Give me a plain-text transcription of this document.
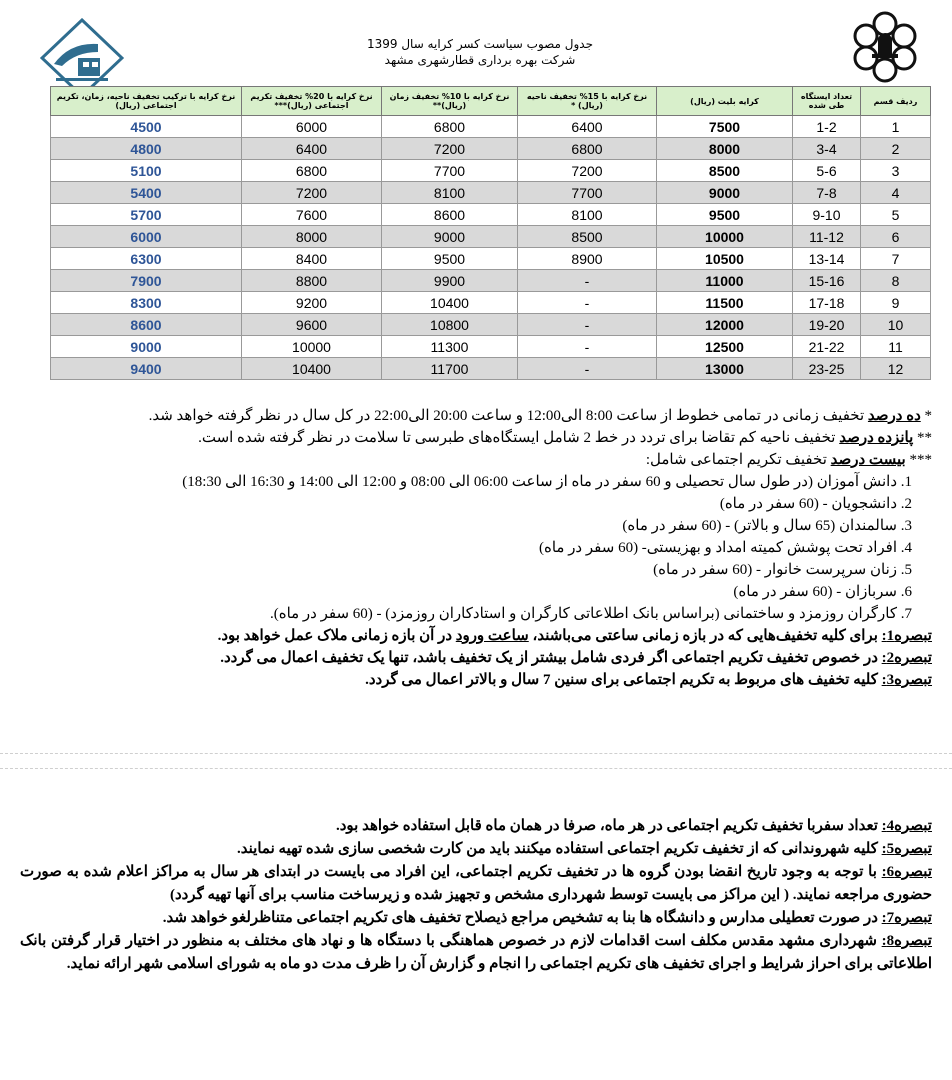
جدول مصوب سیاست کسر کرایه سال 1399
شرکت بهره برداری قطارشهری مشهد
ردیف قسم	تعداد ایستگاه طی شده	کرایه بلیت (ریال)	نرخ کرایه با 15% تخفیف ناحیه (ریال) *	نرخ کرایه با 10% تخفیف زمان (ریال)**	نرخ کرایه با 20% تخفیف تکریم اجتماعی (ریال)***	نرخ کرایه با ترکیب تخفیف ناحیه، زمان، تکریم اجتماعی (ریال)
1	1-2	7500	6400	6800	6000	4500
2	3-4	8000	6800	7200	6400	4800
3	5-6	8500	7200	7700	6800	5100
4	7-8	9000	7700	8100	7200	5400
5	9-10	9500	8100	8600	7600	5700
6	11-12	10000	8500	9000	8000	6000
7	13-14	10500	8900	9500	8400	6300
8	15-16	11000	-	9900	8800	7900
9	17-18	11500	-	10400	9200	8300
10	19-20	12000	-	10800	9600	8600
11	21-22	12500	-	11300	10000	9000
12	23-25	13000	-	11700	10400	9400

* ده درصد تخفیف زمانی در تمامی خطوط از ساعت 8:00 الی12:00 و ساعت 20:00 الی22:00 در کل سال در نظر گرفته خواهد شد.

** پانزده درصد تخفیف ناحیه کم تقاضا برای تردد در خط 2 شامل ایستگاه‌های طبرسی تا سلامت در نظر گرفته شده است.

*** بیست درصد تخفیف تکریم اجتماعی شامل:

1. دانش آموزان (در طول سال تحصیلی و 60 سفر در ماه از ساعت 06:00 الی 08:00 و 12:00 الی 14:00 و 16:30 الی 18:30)

2. دانشجویان - (60 سفر در ماه)

3. سالمندان (65 سال و بالاتر) - (60 سفر در ماه)

4. افراد تحت پوشش کمیته امداد و بهزیستی- (60 سفر در ماه)

5. زنان سرپرست خانوار - (60 سفر در ماه)

6. سربازان - (60 سفر در ماه)

7. کارگران روزمزد و ساختمانی (براساس بانک اطلاعاتی کارگران و استادکاران روزمزد) - (60 سفر در ماه).

تبصره1: برای کلیه تخفیف‌هایی که در بازه زمانی ساعتی می‌باشند، ساعت ورود در آن بازه زمانی ملاک عمل خواهد بود.

تبصره2: در خصوص تخفیف تکریم اجتماعی اگر فردی شامل بیشتر از یک تخفیف باشد، تنها یک تخفیف اعمال می گردد.

تبصره3: کلیه تخفیف های مربوط به تکریم اجتماعی برای سنین 7 سال و بالاتر اعمال می گردد.

تبصره4: تعداد سفربا تخفیف تکریم اجتماعی در هر ماه، صرفا در همان ماه قابل استفاده خواهد بود.

تبصره5: کلیه شهروندانی که از تخفیف تکریم اجتماعی استفاده میکنند باید من کارت شخصی سازی شده تهیه نمایند.

تبصره6: با توجه به وجود تاریخ انقضا بودن گروه ها در تخفیف تکریم اجتماعی، این افراد می بایست در ابتدای هر سال به مراکز اعلام شده به صورت حضوری مراجعه نمایند. ( این مراکز می بایست توسط شهرداری مشخص و تجهیز شده و زیرساخت مناسب برای آنها تهیه گردد)

تبصره7: در صورت تعطیلی مدارس و دانشگاه ها بنا به تشخیص مراجع ذیصلاح تخفیف های تکریم اجتماعی متناظرلغو خواهد شد.

تبصره8: شهرداری مشهد مقدس مکلف است اقدامات لازم در خصوص هماهنگی با دستگاه ها و نهاد های مختلف به منظور در اختیار قرار گرفتن بانک اطلاعاتی برای احراز شرایط و اجرای تخفیف های تکریم اجتماعی را انجام و گزارش آن را ظرف مدت دو ماه به شورای اسلامی شهر ارائه نماید.
